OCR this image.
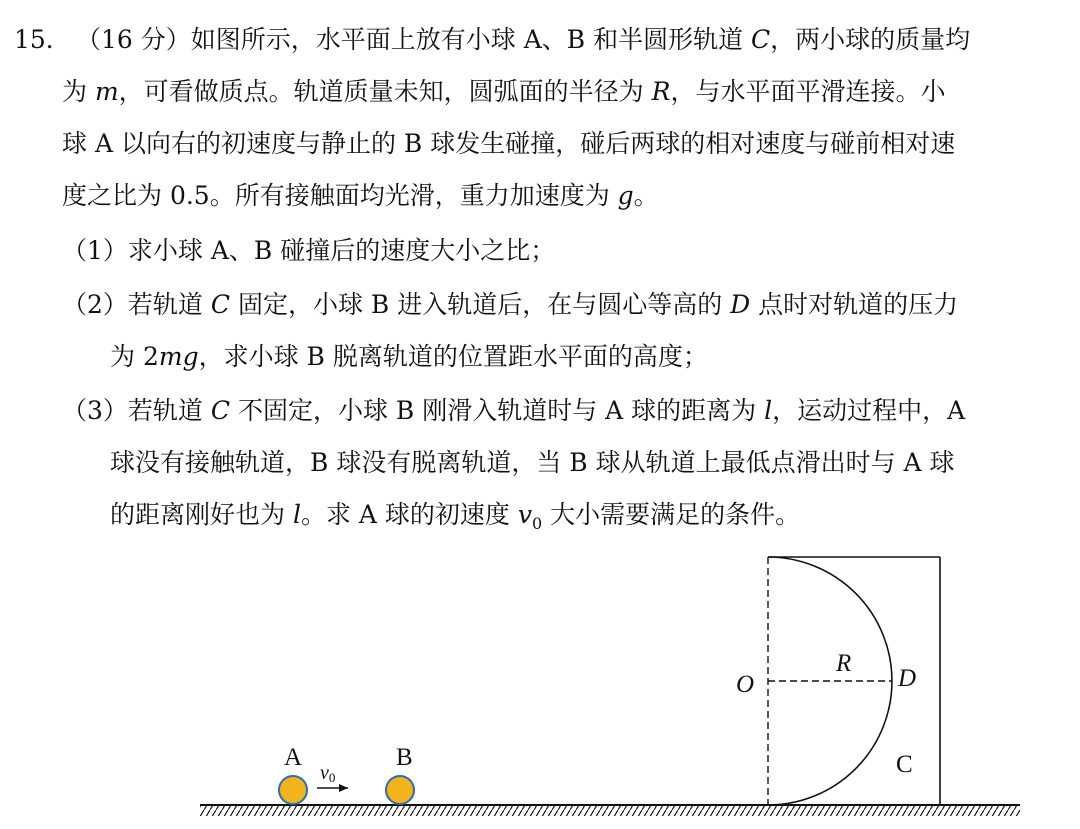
15． （16 分）如图所示，水平面上放有小球 A、B 和半圆形轨道 C，两小球的质量均
为 m，可看做质点。轨道质量未知，圆弧面的半径为 R，与水平面平滑连接。小
球 A 以向右的初速度与静止的 B 球发生碰撞，碰后两球的相对速度与碰前相对速
度之比为 0.5。所有接触面均光滑，重力加速度为 g。
（1）求小球 A、B 碰撞后的速度大小之比；
（2）若轨道 C 固定，小球 B 进入轨道后，在与圆心等高的 D 点时对轨道的压力
为 2mg，求小球 B 脱离轨道的位置距水平面的高度；
（3）若轨道 C 不固定，小球 B 刚滑入轨道时与 A 球的距离为 l，运动过程中，A
球没有接触轨道，B 球没有脱离轨道，当 B 球从轨道上最低点滑出时与 A 球
的距离刚好也为 l。求 A 球的初速度 $v_0$ 大小需要满足的条件。
O
R
D
C
A
v0
B
